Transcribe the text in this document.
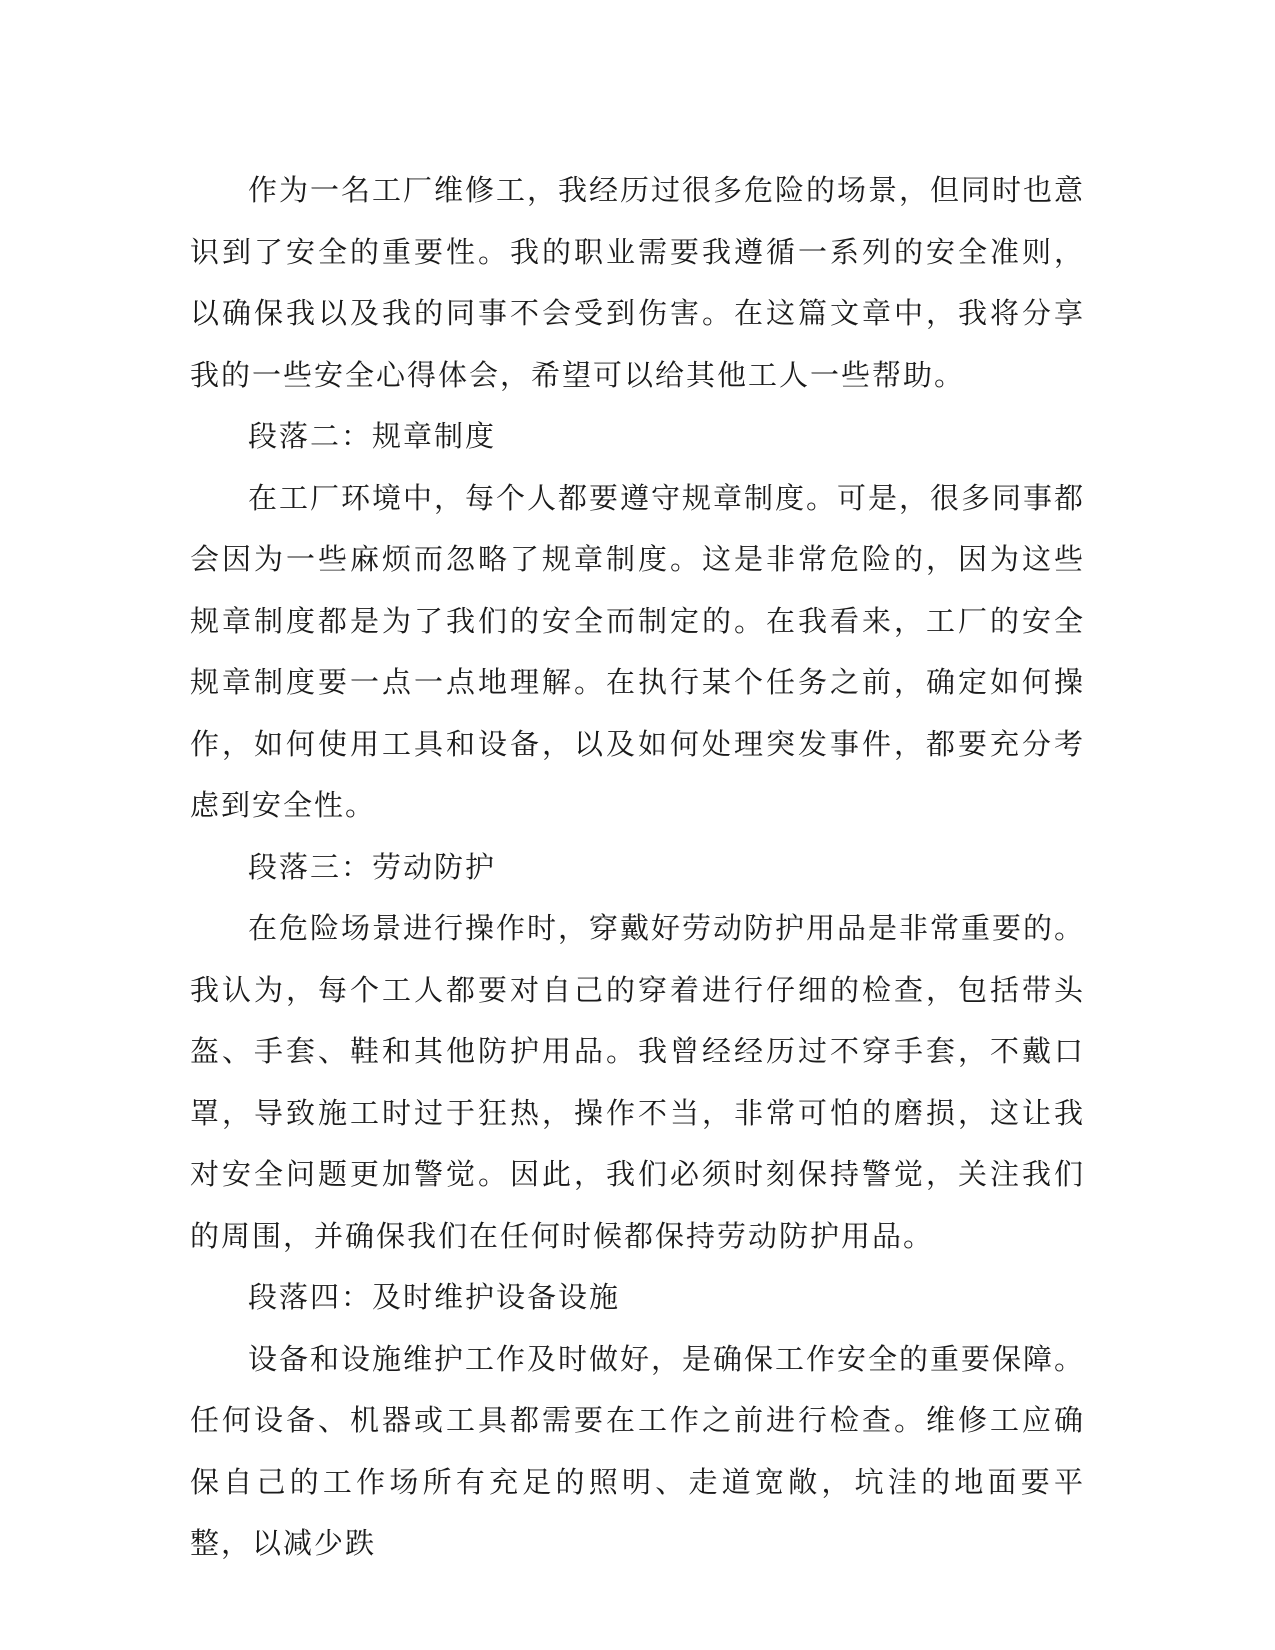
作为一名工厂维修工，我经历过很多危险的场景，但同时也意识到了安全的重要性。我的职业需要我遵循一系列的安全准则，以确保我以及我的同事不会受到伤害。在这篇文章中，我将分享我的一些安全心得体会，希望可以给其他工人一些帮助。

段落二：规章制度

在工厂环境中，每个人都要遵守规章制度。可是，很多同事都会因为一些麻烦而忽略了规章制度。这是非常危险的，因为这些规章制度都是为了我们的安全而制定的。在我看来，工厂的安全规章制度要一点一点地理解。在执行某个任务之前，确定如何操作，如何使用工具和设备，以及如何处理突发事件，都要充分考虑到安全性。

段落三：劳动防护

在危险场景进行操作时，穿戴好劳动防护用品是非常重要的。我认为，每个工人都要对自己的穿着进行仔细的检查，包括带头盔、手套、鞋和其他防护用品。我曾经经历过不穿手套，不戴口罩，导致施工时过于狂热，操作不当，非常可怕的磨损，这让我对安全问题更加警觉。因此，我们必须时刻保持警觉，关注我们的周围，并确保我们在任何时候都保持劳动防护用品。

段落四：及时维护设备设施

设备和设施维护工作及时做好，是确保工作安全的重要保障。任何设备、机器或工具都需要在工作之前进行检查。维修工应确保自己的工作场所有充足的照明、走道宽敞，坑洼的地面要平整，以减少跌
